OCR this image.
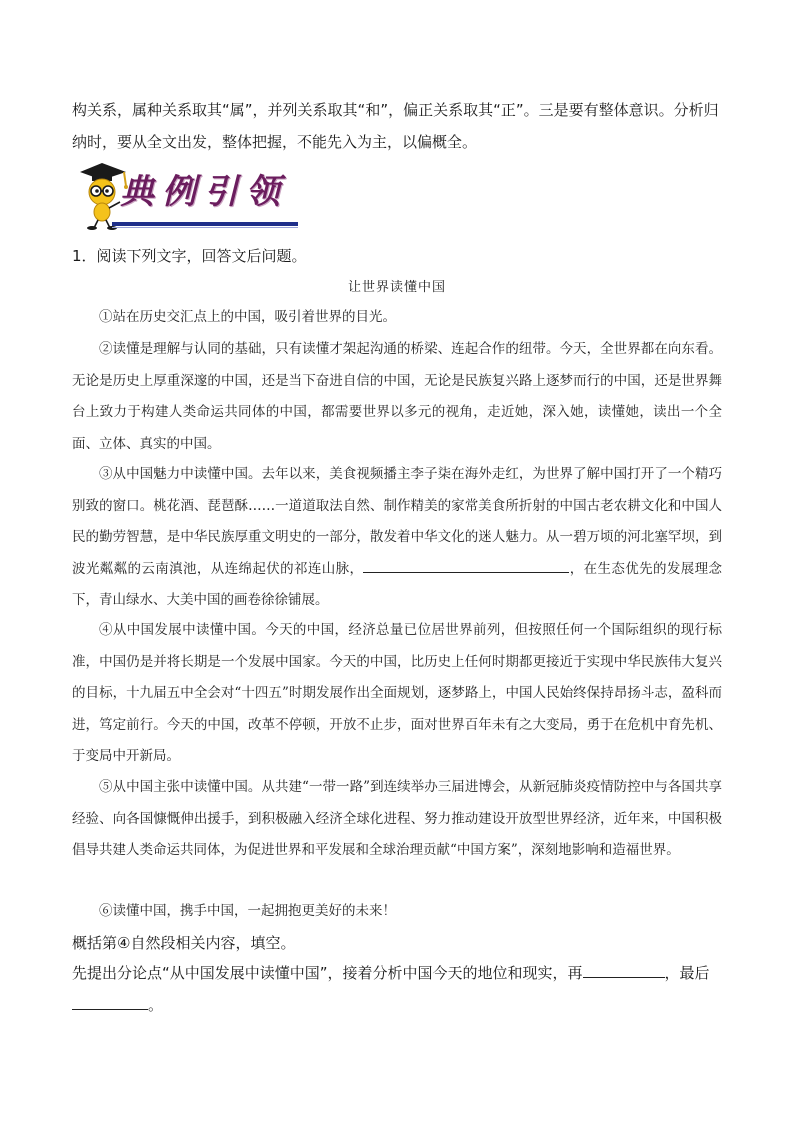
构关系，属种关系取其“属”，并列关系取其“和”，偏正关系取其“正”。三是要有整体意识。分析归

纳时，要从全文出发，整体把握，不能先入为主，以偏概全。

典例引领
1．阅读下列文字，回答文后问题。
让世界读懂中国

①站在历史交汇点上的中国，吸引着世界的目光。

②读懂是理解与认同的基础，只有读懂才架起沟通的桥梁、连起合作的纽带。今天，全世界都在向东看。无论是历史上厚重深邃的中国，还是当下奋进自信的中国，无论是民族复兴路上逐梦而行的中国，还是世界舞台上致力于构建人类命运共同体的中国，都需要世界以多元的视角，走近她，深入她，读懂她，读出一个全面、立体、真实的中国。

③从中国魅力中读懂中国。去年以来，美食视频播主李子柒在海外走红，为世界了解中国打开了一个精巧别致的窗口。桃花酒、琵琶酥……一道道取法自然、制作精美的家常美食所折射的中国古老农耕文化和中国人民的勤劳智慧，是中华民族厚重文明史的一部分，散发着中华文化的迷人魅力。从一碧万顷的河北塞罕坝，到波光粼粼的云南滇池，从连绵起伏的祁连山脉，	，在生态优先的发展理念下，青山绿水、大美中国的画卷徐徐铺展。

④从中国发展中读懂中国。今天的中国，经济总量已位居世界前列，但按照任何一个国际组织的现行标准，中国仍是并将长期是一个发展中国家。今天的中国，比历史上任何时期都更接近于实现中华民族伟大复兴的目标，十九届五中全会对“十四五”时期发展作出全面规划，逐梦路上，中国人民始终保持昂扬斗志，盈科而进，笃定前行。今天的中国，改革不停顿，开放不止步，面对世界百年未有之大变局，勇于在危机中育先机、于变局中开新局。

⑤从中国主张中读懂中国。从共建“一带一路”到连续举办三届进博会，从新冠肺炎疫情防控中与各国共享经验、向各国慷慨伸出援手，到积极融入经济全球化进程、努力推动建设开放型世界经济，近年来，中国积极倡导共建人类命运共同体，为促进世界和平发展和全球治理贡献“中国方案”，深刻地影响和造福世界。

⑥读懂中国，携手中国，一起拥抱更美好的未来！

概括第④自然段相关内容，填空。
先提出分论点“从中国发展中读懂中国”，接着分析中国今天的地位和现实，再	，最后
。
